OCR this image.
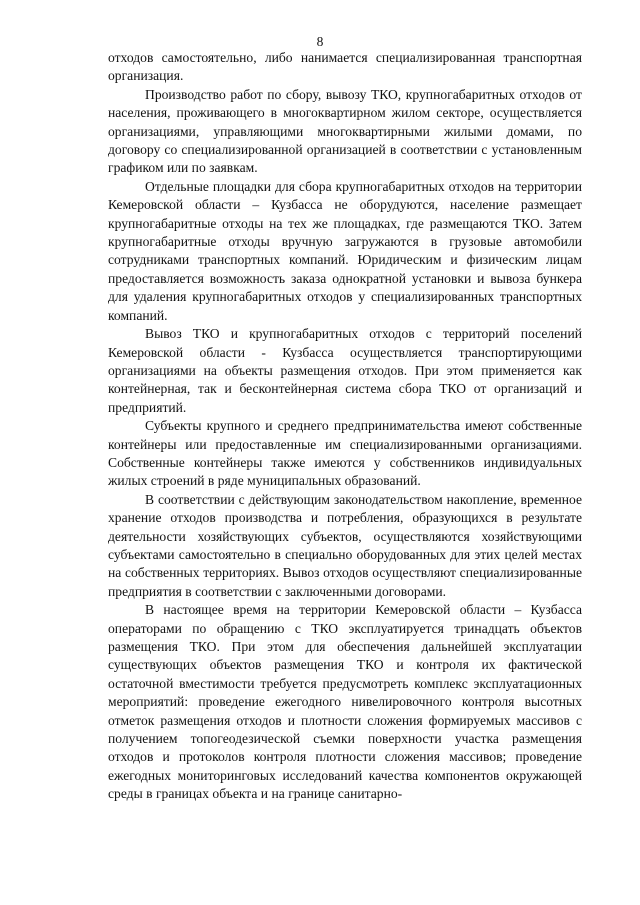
8

отходов самостоятельно, либо нанимается специализированная транспортная организация.

Производство работ по сбору, вывозу ТКО, крупногабаритных отходов от населения, проживающего в многоквартирном жилом секторе, осуществляется организациями, управляющими многоквартирными жилыми домами, по договору со специализированной организацией в соответствии с установленным графиком или по заявкам.

Отдельные площадки для сбора крупногабаритных отходов на территории Кемеровской области – Кузбасса не оборудуются, население размещает крупногабаритные отходы на тех же площадках, где размещаются ТКО. Затем крупногабаритные отходы вручную загружаются в грузовые автомобили сотрудниками транспортных компаний. Юридическим и физическим лицам предоставляется возможность заказа однократной установки и вывоза бункера для удаления крупногабаритных отходов у специализированных транспортных компаний.

Вывоз ТКО и крупногабаритных отходов с территорий поселений Кемеровской области - Кузбасса осуществляется транспортирующими организациями на объекты размещения отходов. При этом применяется как контейнерная, так и бесконтейнерная система сбора ТКО от организаций и предприятий.

Субъекты крупного и среднего предпринимательства имеют собственные контейнеры или предоставленные им специализированными организациями. Собственные контейнеры также имеются у собственников индивидуальных жилых строений в ряде муниципальных образований.

В соответствии с действующим законодательством накопление, временное хранение отходов производства и потребления, образующихся в результате деятельности хозяйствующих субъектов, осуществляются хозяйствующими субъектами самостоятельно в специально оборудованных для этих целей местах на собственных территориях. Вывоз отходов осуществляют специализированные предприятия в соответствии с заключенными договорами.

В настоящее время на территории Кемеровской области – Кузбасса операторами по обращению с ТКО эксплуатируется тринадцать объектов размещения ТКО. При этом для обеспечения дальнейшей эксплуатации существующих объектов размещения ТКО и контроля их фактической остаточной вместимости требуется предусмотреть комплекс эксплуатационных мероприятий: проведение ежегодного нивелировочного контроля высотных отметок размещения отходов и плотности сложения формируемых массивов с получением топогеодезической съемки поверхности участка размещения отходов и протоколов контроля плотности сложения массивов; проведение ежегодных мониторинговых исследований качества компонентов окружающей среды в границах объекта и на границе санитарно-
